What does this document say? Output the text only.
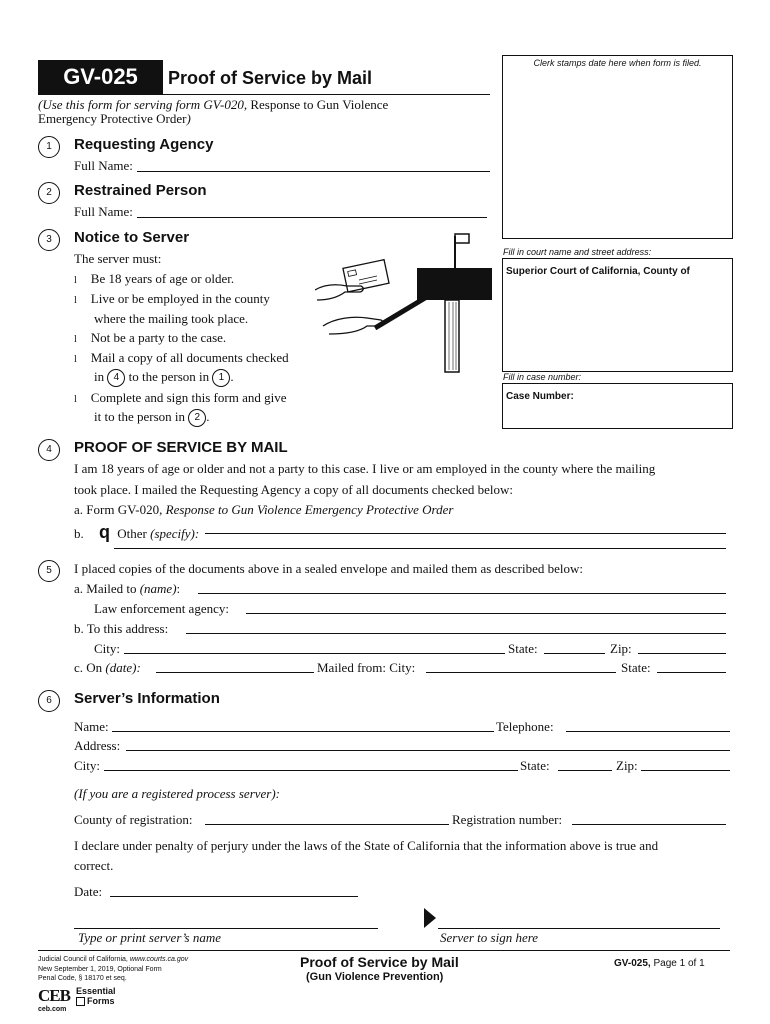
GV-025	Proof of Service by Mail
(Use this form for serving form GV-020, Response to Gun Violence
Emergency Protective Order)
Clerk stamps date here when form is filed.
Fill in court name and street address:
Superior Court of California, County of
Fill in case number:
Case Number:
1	Requesting Agency
Full Name:
2	Restrained Person
Full Name:
3	Notice to Server
The server must:
l Be 18 years of age or older.
l Live or be employed in the county
where the mailing took place.
l Not be a party to the case.
l Mail a copy of all documents checked
in 4 to the person in 1 .
l Complete and sign this form and give
it to the person in 2 .
4	PROOF OF SERVICE BY MAIL
I am 18 years of age or older and not a party to this case. I live or am employed in the county where the mailing
took place. I mailed the Requesting Agency a copy of all documents checked below:
a. Form GV-020, Response to Gun Violence Emergency Protective Order
b. q Other (specify):
5	I placed copies of the documents above in a sealed envelope and mailed them as described below:
a. Mailed to (name):
Law enforcement agency:
b. To this address:
City:	State:	Zip:
c. On (date):	Mailed from: City:	State:
6	Server’s Information
Name:	Telephone:
Address:
City:	State:	Zip:
(If you are a registered process server):
County of registration:	Registration number:
I declare under penalty of perjury under the laws of the State of California that the information above is true and
correct.
Date:
Type or print server’s name	Server to sign here
Judicial Council of California, www.courts.ca.gov
New September 1, 2019, Optional Form
Penal Code, § 18170 et seq.
Proof of Service by Mail
(Gun Violence Prevention)
GV-025, Page 1 of 1
CEB
ceb.com
Essential
Forms
